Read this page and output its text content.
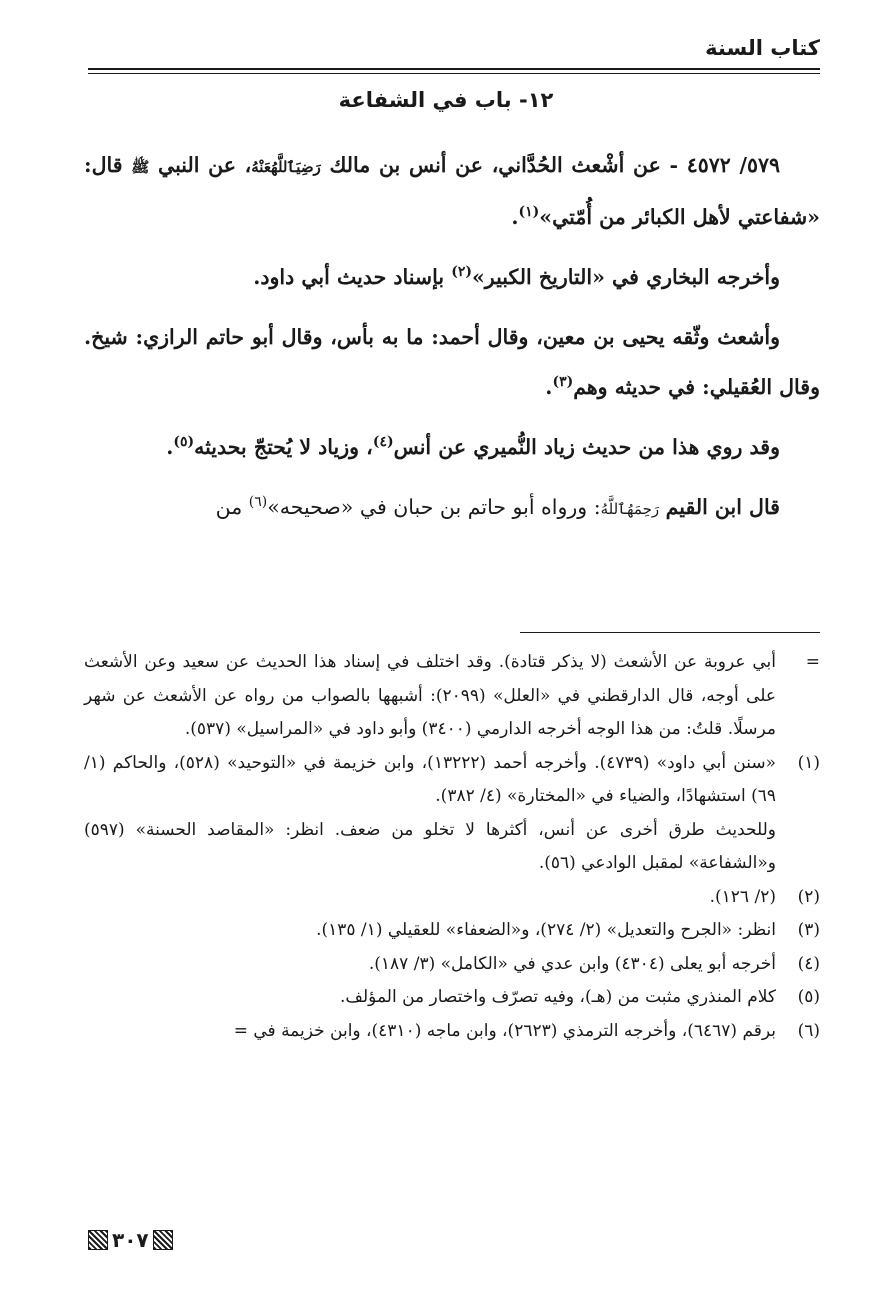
كتاب السنة
١٢- باب في الشفاعة

٥٧٩/ ٤٥٧٢ - عن أشْعث الحُدَّاني، عن أنس بن مالك رَضِيَٱللَّهُعَنْهُ، عن النبي ﷺ قال: «شفاعتي لأهل الكبائر من أُمّتي»$^{(١)}$.

وأخرجه البخاري في «التاريخ الكبير»$^{(٢)}$ بإسناد حديث أبي داود.

وأشعث وثّقه يحيى بن معين، وقال أحمد: ما به بأس، وقال أبو حاتم الرازي: شيخ. وقال العُقيلي: في حديثه وهم$^{(٣)}$.

وقد روي هذا من حديث زياد النُّميري عن أنس$^{(٤)}$، وزياد لا يُحتجّ بحديثه$^{(٥)}$.

قال ابن القيم رَحِمَهُٱللَّهُ: ورواه أبو حاتم بن حبان في «صحيحه»$^{(٦)}$ من

=
أبي عروبة عن الأشعث (لا يذكر قتادة). وقد اختلف في إسناد هذا الحديث عن سعيد وعن الأشعث على أوجه، قال الدارقطني في «العلل» (٢٠٩٩): أشبهها بالصواب من رواه عن الأشعث عن شهر مرسلًا. قلتُ: من هذا الوجه أخرجه الدارمي (٣٤٠٠) وأبو داود في «المراسيل» (٥٣٧).
(١)
«سنن أبي داود» (٤٧٣٩). وأخرجه أحمد (١٣٢٢٢)، وابن خزيمة في «التوحيد» (٥٢٨)، والحاكم (١/ ٦٩) استشهادًا، والضياء في «المختارة» (٤/ ٣٨٢).
وللحديث طرق أخرى عن أنس، أكثرها لا تخلو من ضعف. انظر: «المقاصد الحسنة» (٥٩٧) و«الشفاعة» لمقبل الوادعي (٥٦).
(٢)
(٢/ ١٢٦).
(٣)
انظر: «الجرح والتعديل» (٢/ ٢٧٤)، و«الضعفاء» للعقيلي (١/ ١٣٥).
(٤)
أخرجه أبو يعلى (٤٣٠٤) وابن عدي في «الكامل» (٣/ ١٨٧).
(٥)
كلام المنذري مثبت من (هـ)، وفيه تصرّف واختصار من المؤلف.
(٦)
برقم (٦٤٦٧)، وأخرجه الترمذي (٢٦٢٣)، وابن ماجه (٤٣١٠)، وابن خزيمة في =
٣٠٧
